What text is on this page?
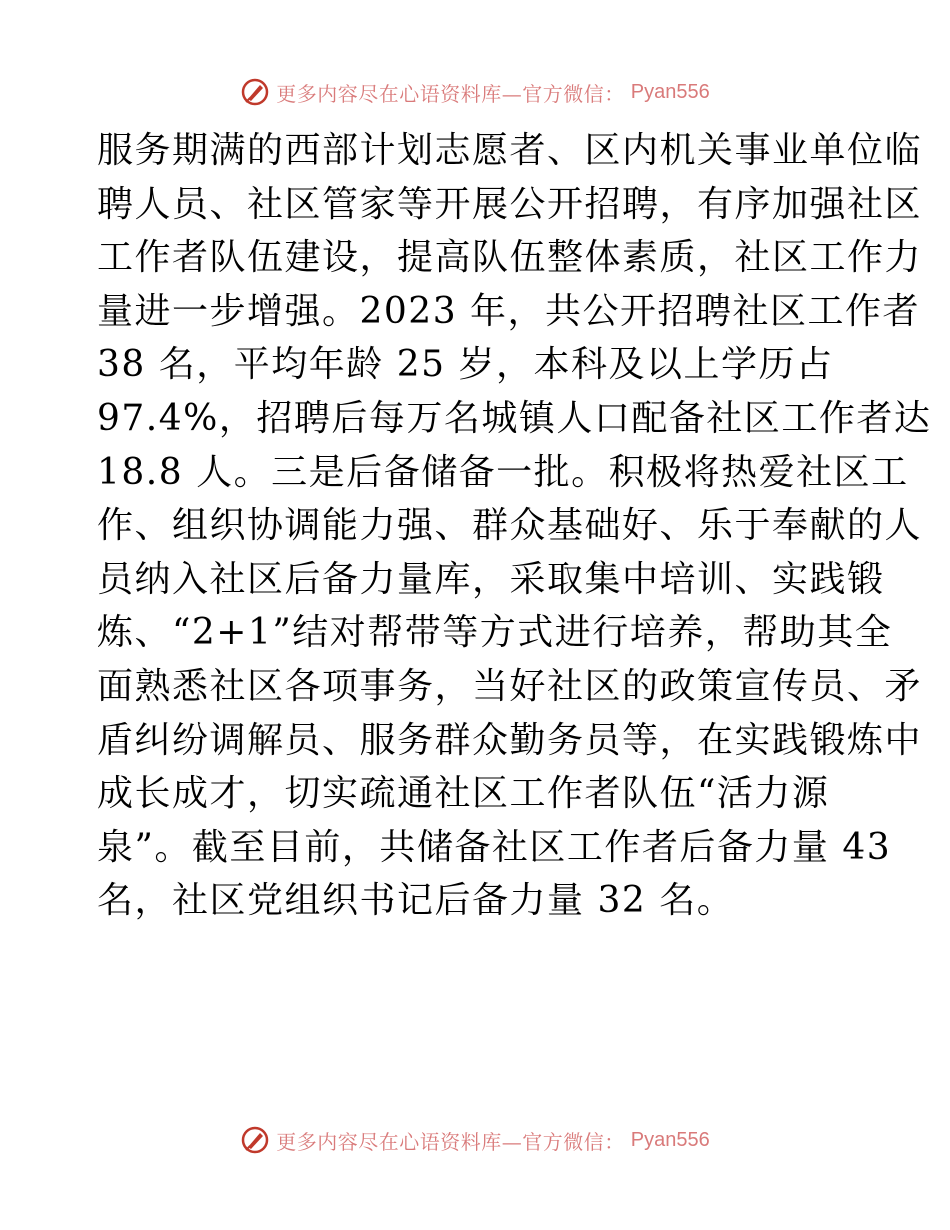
更多内容尽在心语资料库—官方微信： Pyan556
服务期满的西部计划志愿者、区内机关事业单位临
聘人员、社区管家等开展公开招聘，有序加强社区
工作者队伍建设，提高队伍整体素质，社区工作力
量进一步增强。2023 年，共公开招聘社区工作者
38 名，平均年龄 25 岁，本科及以上学历占
97.4%，招聘后每万名城镇人口配备社区工作者达
18.8 人。三是后备储备一批。积极将热爱社区工
作、组织协调能力强、群众基础好、乐于奉献的人
员纳入社区后备力量库，采取集中培训、实践锻
炼、“2+1”结对帮带等方式进行培养，帮助其全
面熟悉社区各项事务，当好社区的政策宣传员、矛
盾纠纷调解员、服务群众勤务员等，在实践锻炼中
成长成才，切实疏通社区工作者队伍“活力源
泉”。截至目前，共储备社区工作者后备力量 43
名，社区党组织书记后备力量 32 名。
更多内容尽在心语资料库—官方微信： Pyan556
